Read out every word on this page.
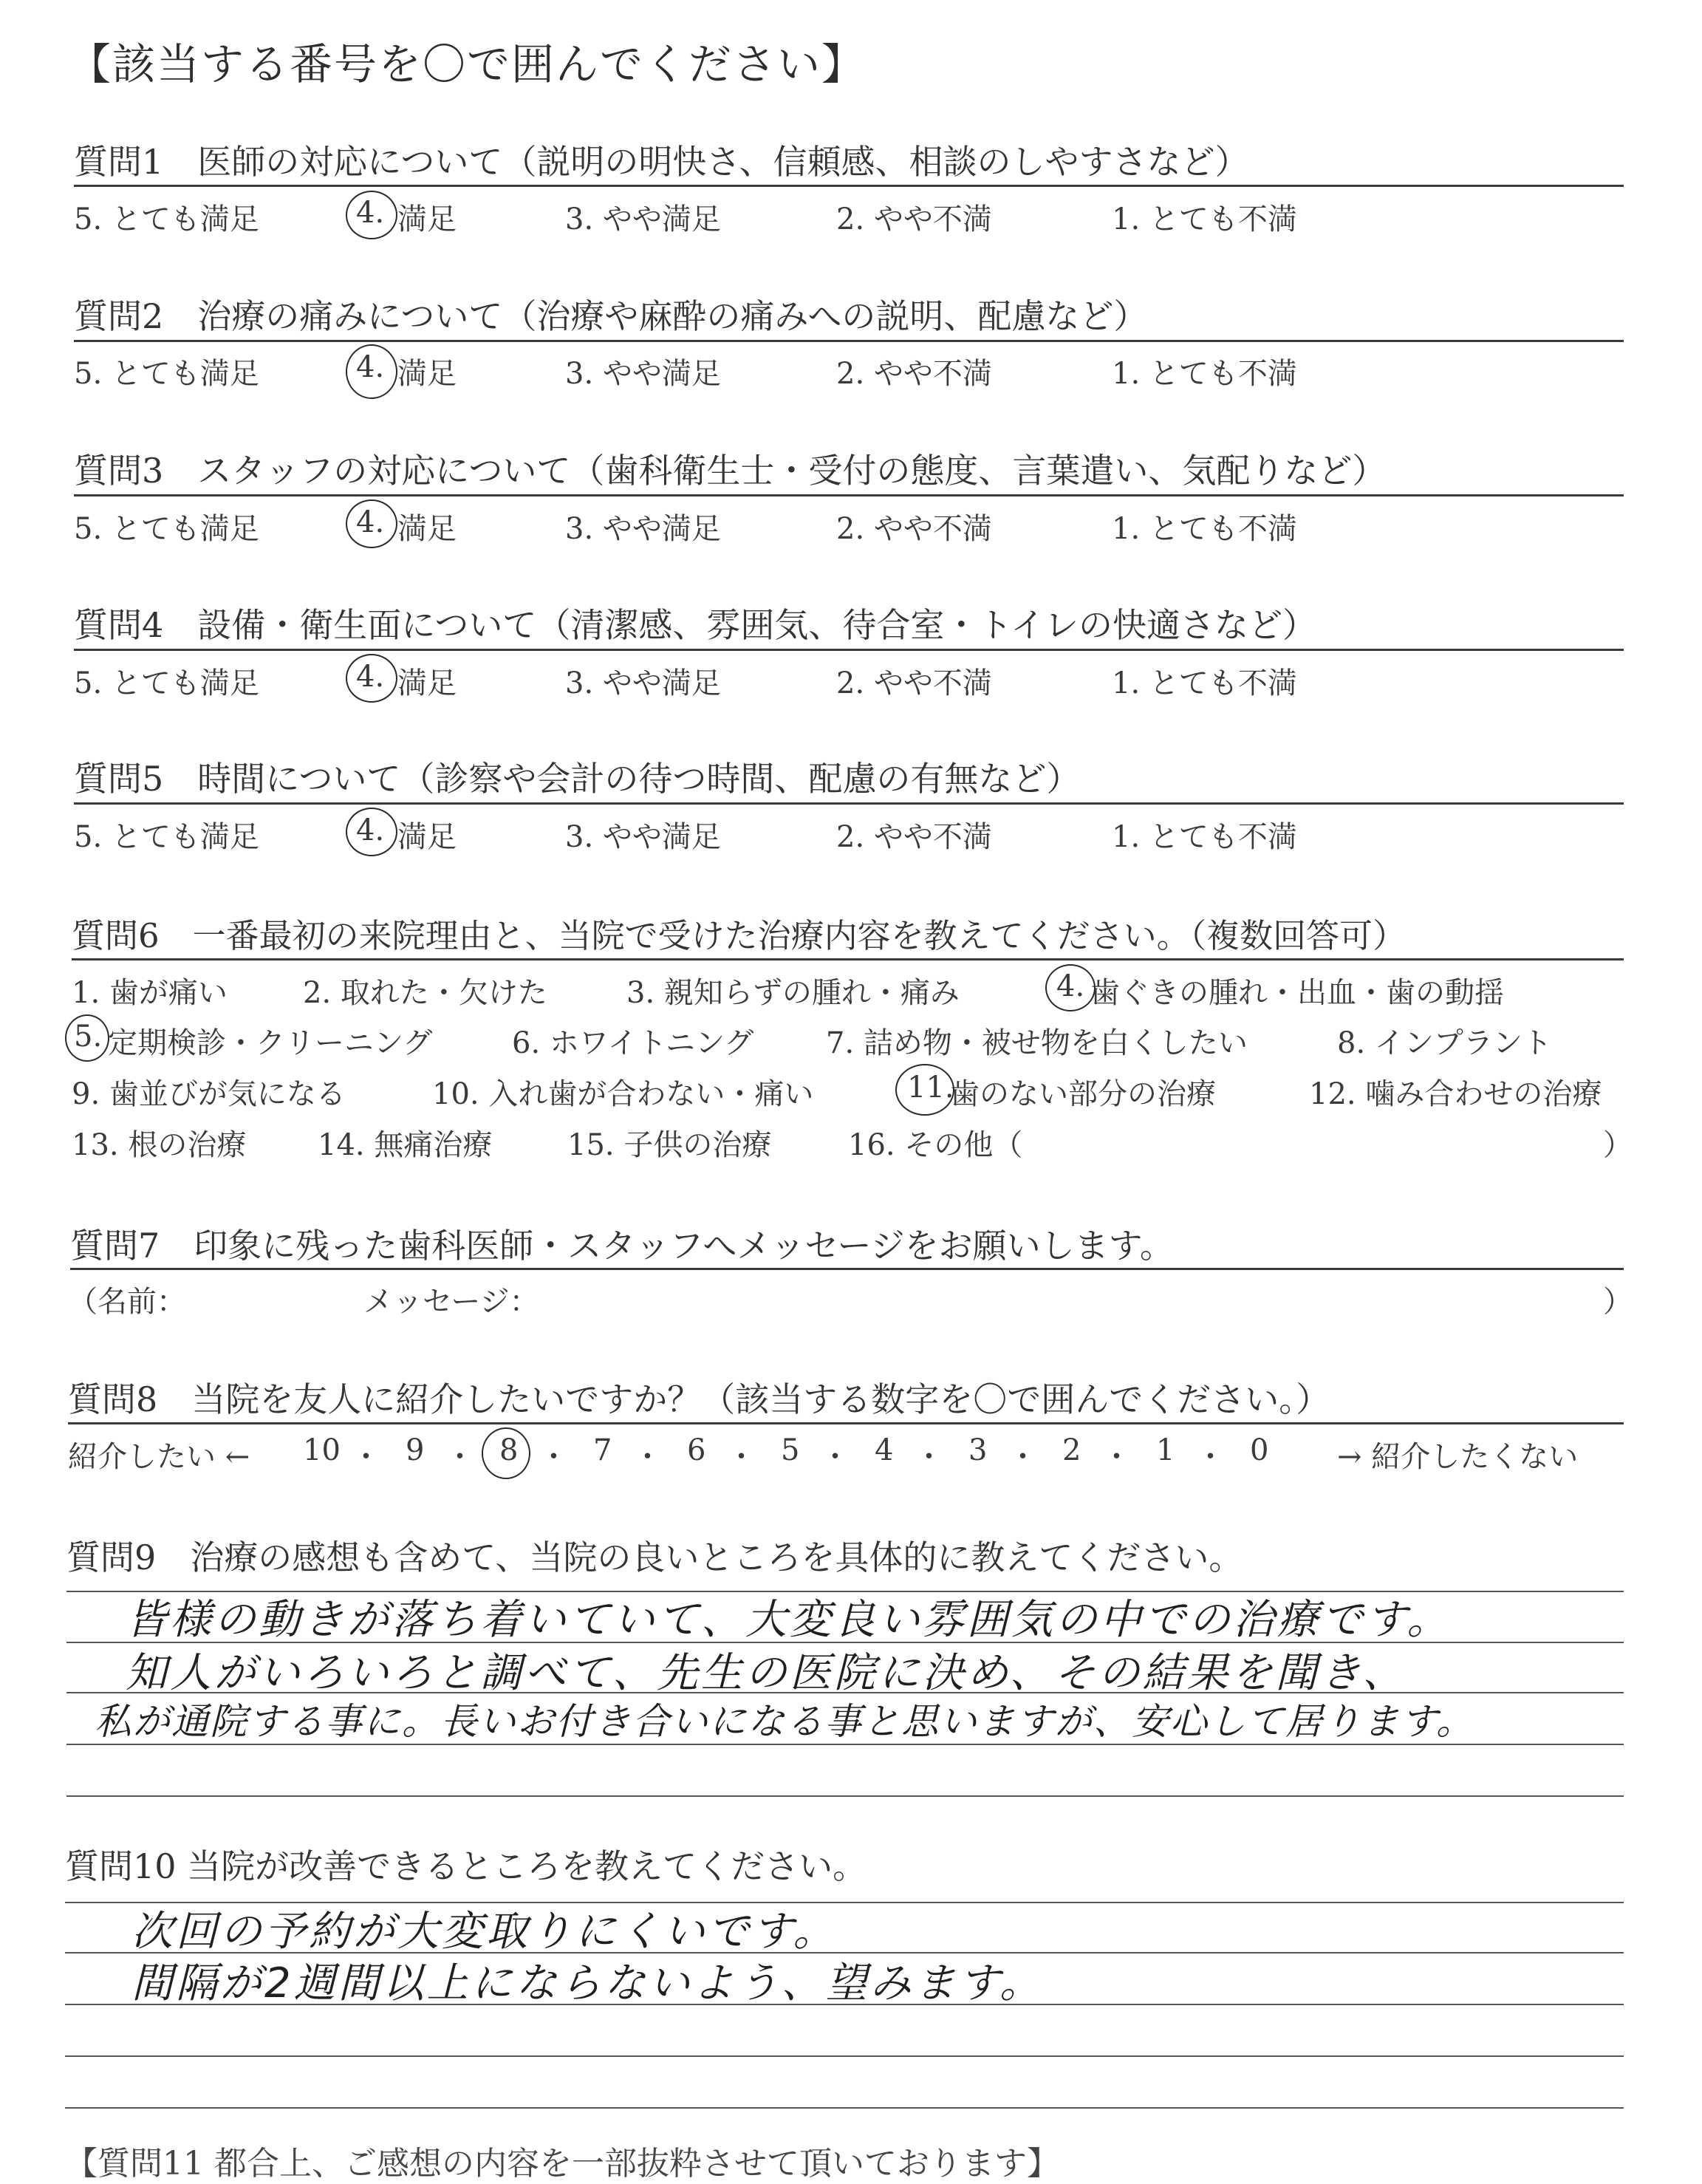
【該当する番号を〇で囲んでください】
質問1　医師の対応について（説明の明快さ、信頼感、相談のしやすさなど）
5. とても満足	4. 満足	3. やや満足	2. やや不満	1. とても不満
質問2　治療の痛みについて（治療や麻酔の痛みへの説明、配慮など）
5. とても満足	4. 満足	3. やや満足	2. やや不満	1. とても不満
質問3　スタッフの対応について（歯科衛生士・受付の態度、言葉遣い、気配りなど）
5. とても満足	4. 満足	3. やや満足	2. やや不満	1. とても不満
質問4　設備・衛生面について（清潔感、雰囲気、待合室・トイレの快適さなど）
5. とても満足	4. 満足	3. やや満足	2. やや不満	1. とても不満
質問5　時間について（診察や会計の待つ時間、配慮の有無など）
5. とても満足	4. 満足	3. やや満足	2. やや不満	1. とても不満
質問6　一番最初の来院理由と、当院で受けた治療内容を教えてください。（複数回答可）
1. 歯が痛い	2. 取れた・欠けた	3. 親知らずの腫れ・痛み	4. 歯ぐきの腫れ・出血・歯の動揺
5. 定期検診・クリーニング	6. ホワイトニング 7. 詰め物・被せ物を白くしたい	8. インプラント
9. 歯並びが気になる	10. 入れ歯が合わない・痛い	11.
歯のない部分の治療	12. 噛み合わせの治療
13. 根の治療 14. 無痛治療	15. 子供の治療	16. その他（	）
質問7　印象に残った歯科医師・スタッフへメッセージをお願いします。
（名前：	メッセージ：	）
質問8　当院を友人に紹介したいですか？（該当する数字を〇で囲んでください。）
紹介したい ← 10 ・ 9 ・ 8 ・ 7 ・ 6 ・ 5 ・ 4 ・ 3 ・ 2 ・ 1 ・ 0 → 紹介したくない
質問9　治療の感想も含めて、当院の良いところを具体的に教えてください。
皆様の動きが落ち着いていて、大変良い雰囲気の中での治療です。
知人がいろいろと調べて、先生の医院に決め、その結果を聞き、
私が通院する事に。長いお付き合いになる事と思いますが、安心して居ります。
質問10 当院が改善できるところを教えてください。
次回の予約が大変取りにくいです。
間隔が2週間以上にならないよう、望みます。
【質問11 都合上、ご感想の内容を一部抜粋させて頂いております】
